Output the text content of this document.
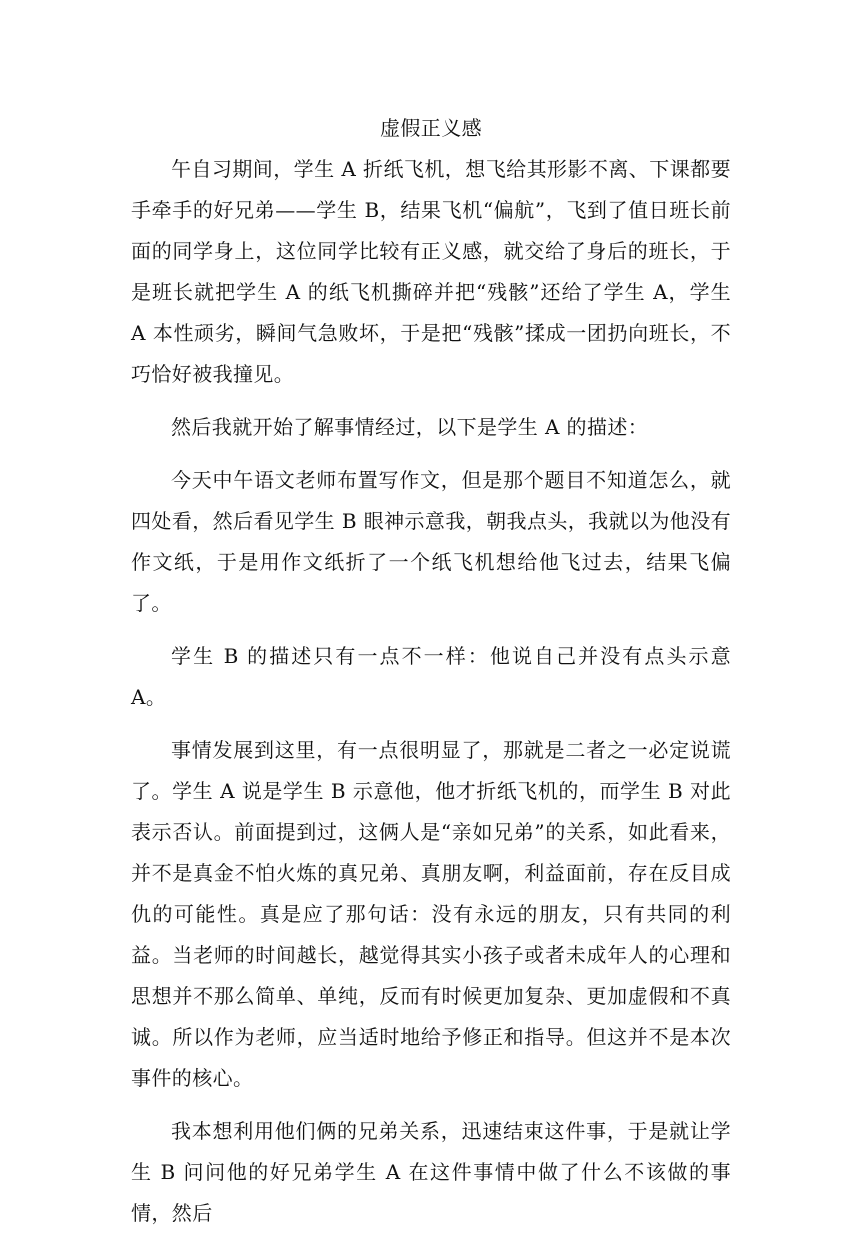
虚假正义感

午自习期间，学生 A 折纸飞机，想飞给其形影不离、下课都要手牵手的好兄弟——学生 B，结果飞机“偏航”，飞到了值日班长前面的同学身上，这位同学比较有正义感，就交给了身后的班长，于是班长就把学生 A 的纸飞机撕碎并把“残骸”还给了学生 A，学生 A 本性顽劣，瞬间气急败坏，于是把“残骸”揉成一团扔向班长，不巧恰好被我撞见。

然后我就开始了解事情经过，以下是学生 A 的描述：

今天中午语文老师布置写作文，但是那个题目不知道怎么，就四处看，然后看见学生 B 眼神示意我，朝我点头，我就以为他没有作文纸，于是用作文纸折了一个纸飞机想给他飞过去，结果飞偏了。

学生 B 的描述只有一点不一样：他说自己并没有点头示意 A。

事情发展到这里，有一点很明显了，那就是二者之一必定说谎了。学生 A 说是学生 B 示意他，他才折纸飞机的，而学生 B 对此表示否认。前面提到过，这俩人是“亲如兄弟”的关系，如此看来，并不是真金不怕火炼的真兄弟、真朋友啊，利益面前，存在反目成仇的可能性。真是应了那句话：没有永远的朋友，只有共同的利益。当老师的时间越长，越觉得其实小孩子或者未成年人的心理和思想并不那么简单、单纯，反而有时候更加复杂、更加虚假和不真诚。所以作为老师，应当适时地给予修正和指导。但这并不是本次事件的核心。

我本想利用他们俩的兄弟关系，迅速结束这件事，于是就让学生 B 问问他的好兄弟学生 A 在这件事情中做了什么不该做的事情，然后
